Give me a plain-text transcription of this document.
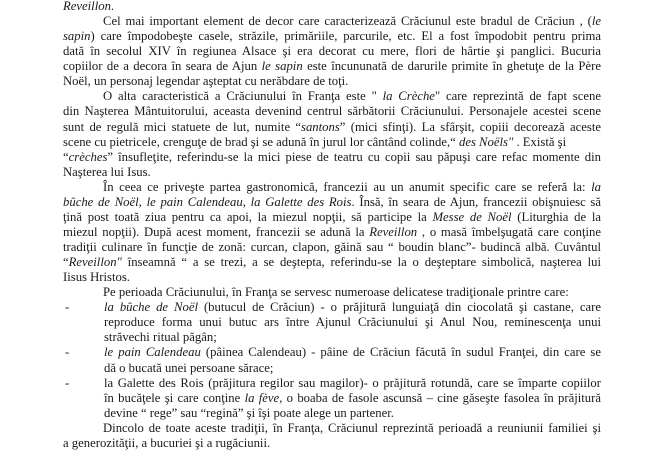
Reveillon.
Cel mai important element de decor care caracterizează Crăciunul este bradul de Crăciun , (le
sapin) care împodobeşte casele, străzile, primăriile, parcurile, etc. El a fost împodobit pentru prima
dată în secolul XIV în regiunea Alsace şi era decorat cu mere, flori de hârtie şi panglici. Bucuria
copiilor de a decora în seara de Ajun le sapin este încununată de darurile primite în ghetuţe de la Père
Noël, un personaj legendar aşteptat cu nerăbdare de toţi.
O alta caracteristică a Crăciunului în Franţa este " la Crèche" care reprezintă de fapt scene
din Naşterea Mântuitorului, aceasta devenind centrul sărbătorii Crăciunului. Personajele acestei scene
sunt de regulă mici statuete de lut, numite “santons” (mici sfinţi). La sfârşit, copiii decorează aceste
scene cu pietricele, crenguţe de brad şi se adună în jurul lor cântând colinde,“ des Noëls" . Există şi
“crèches” însufleţite, referindu-se la mici piese de teatru cu copii sau păpuşi care refac momente din
Naşterea lui Isus.
În ceea ce priveşte partea gastronomică, francezii au un anumit specific care se referă la: la
bûche de Noël, le pain Calendeau, la Galette des Rois. Însă, în seara de Ajun, francezii obişnuiesc să
ţină post toată ziua pentru ca apoi, la miezul nopţii, să participe la Messe de Noël (Liturghia de la
miezul nopţii). După acest moment, francezii se adună la Reveillon , o masă îmbelşugată care conţine
tradiţii culinare în funcţie de zonă: curcan, clapon, găină sau “ boudin blanc”- budincă albă. Cuvântul
“Reveillon" înseamnă “ a se trezi, a se deştepta, referindu-se la o deşteptare simbolică, naşterea lui
Iisus Hristos.
Pe perioada Crăciunului, în Franţa se servesc numeroase delicatese tradiţionale printre care:
-	la bûche de Noël (butucul de Crăciun) - o prăjitură lunguiaţă din ciocolată şi castane, care
reproduce forma unui butuc ars între Ajunul Crăciunului şi Anul Nou, reminescenţa unui
străvechi ritual păgân;
-	le pain Calendeau (pâinea Calendeau) - pâine de Crăciun făcută în sudul Franţei, din care se
dă o bucată unei persoane sărace;
-	la Galette des Rois (prăjitura regilor sau magilor)- o prăjitură rotundă, care se împarte copiilor
în bucăţele şi care conţine la fève, o boaba de fasole ascunsă – cine găseşte fasolea în prăjitură
devine “ rege” sau “regină” şi îşi poate alege un partener.
Dincolo de toate aceste tradiţii, în Franţa, Crăciunul reprezintă perioadă a reuniunii familiei şi
a generozităţii, a bucuriei şi a rugăciunii.
